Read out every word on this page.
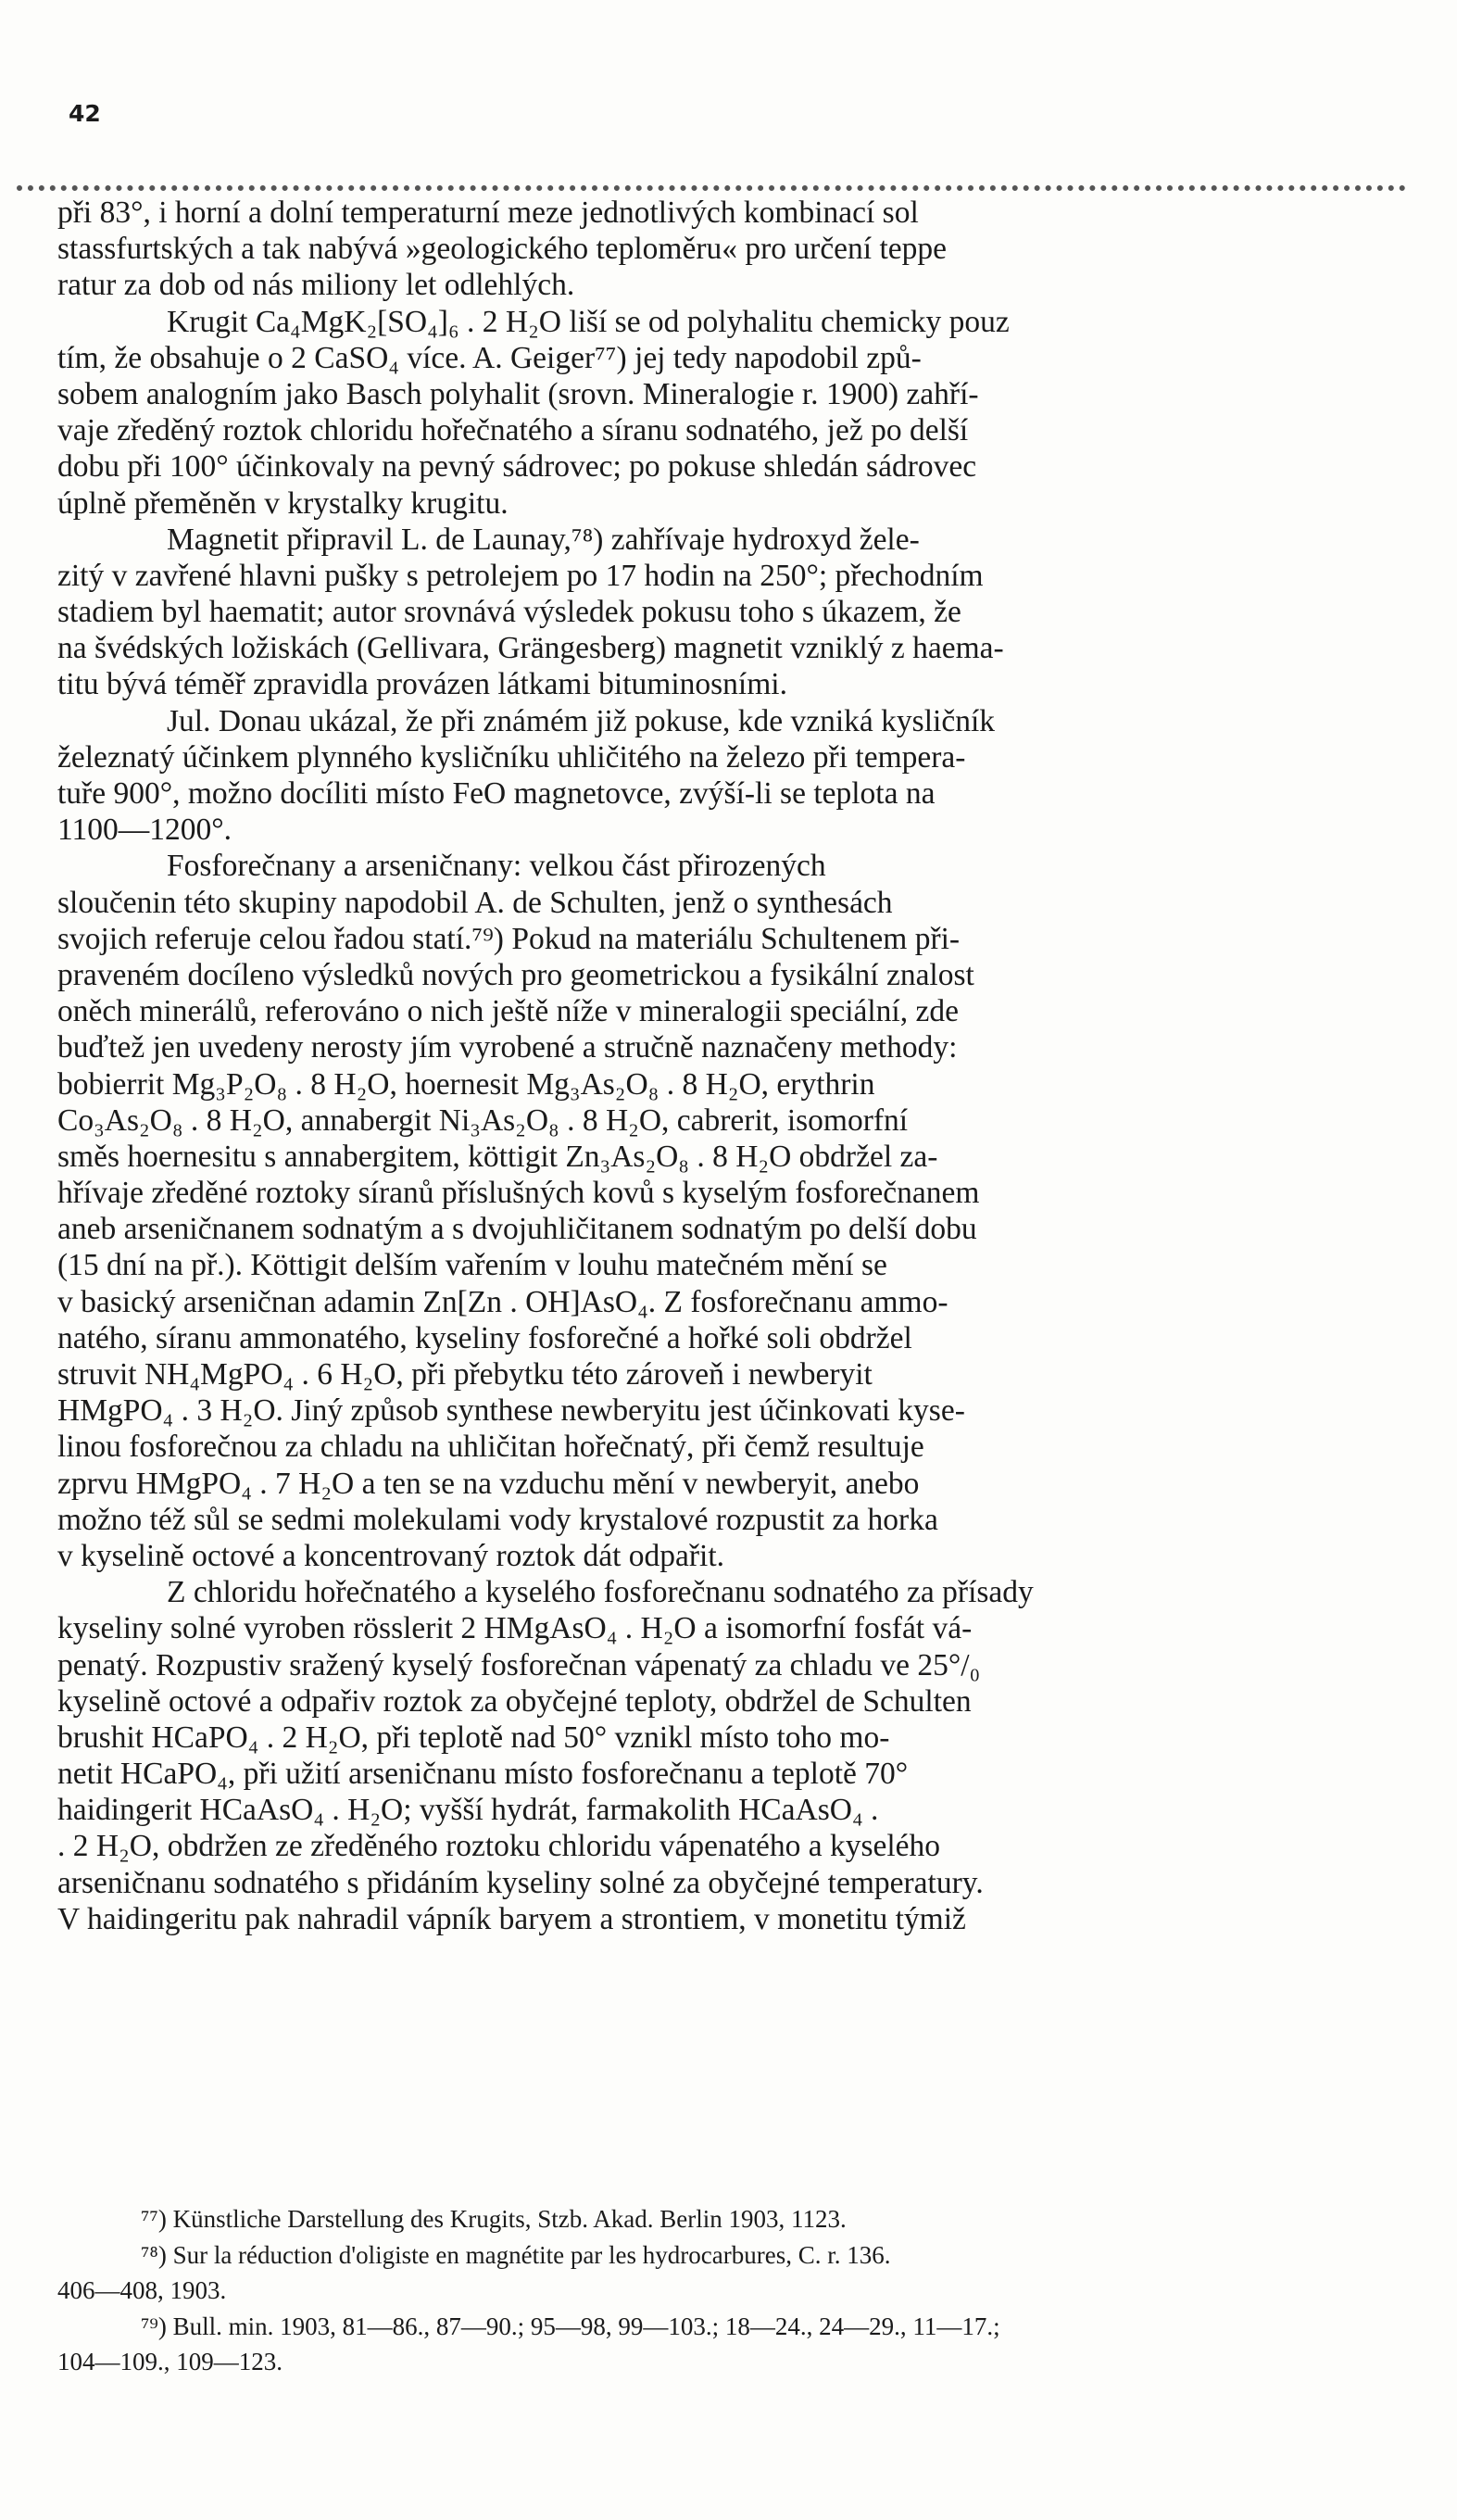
42
při 83°, i horní a dolní temperaturní meze jednotlivých kombinací sol
stassfurtských a tak nabývá »geologického teploměru« pro určení teppe
ratur za dob od nás miliony let odlehlých.
Krugit Ca₄MgK₂[SO₄]₆ . 2 H₂O liší se od polyhalitu chemicky pouz
tím, že obsahuje o 2 CaSO₄ více. A. Geiger⁷⁷) jej tedy napodobil způ-
sobem analogním jako Basch polyhalit (srovn. Mineralogie r. 1900) zahří-
vaje zředěný roztok chloridu hořečnatého a síranu sodnatého, jež po delší
dobu při 100° účinkovaly na pevný sádrovec; po pokuse shledán sádrovec
úplně přeměněn v krystalky krugitu.
Magnetit připravil L. de Launay,⁷⁸) zahřívaje hydroxyd žele-
zitý v zavřené hlavni pušky s petrolejem po 17 hodin na 250°; přechodním
stadiem byl haematit; autor srovnává výsledek pokusu toho s úkazem, že
na švédských ložiskách (Gellivara, Grängesberg) magnetit vzniklý z haema-
titu bývá téměř zpravidla provázen látkami bituminosními.
Jul. Donau ukázal, že při známém již pokuse, kde vzniká kysličník
železnatý účinkem plynného kysličníku uhličitého na železo při tempera-
tuře 900°, možno docíliti místo FeO magnetovce, zvýší-li se teplota na
1100—1200°.
Fosforečnany a arseničnany: velkou část přirozených
sloučenin této skupiny napodobil A. de Schulten, jenž o synthesách
svojich referuje celou řadou statí.⁷⁹) Pokud na materiálu Schultenem při-
praveném docíleno výsledků nových pro geometrickou a fysikální znalost
oněch minerálů, referováno o nich ještě níže v mineralogii speciální, zde
buďtež jen uvedeny nerosty jím vyrobené a stručně naznačeny methody:
bobierrit Mg₃P₂O₈ . 8 H₂O, hoernesit Mg₃As₂O₈ . 8 H₂O, erythrin
Co₃As₂O₈ . 8 H₂O, annabergit Ni₃As₂O₈ . 8 H₂O, cabrerit, isomorfní
směs hoernesitu s annabergitem, köttigit Zn₃As₂O₈ . 8 H₂O obdržel za-
hřívaje zředěné roztoky síranů příslušných kovů s kyselým fosforečnanem
aneb arseničnanem sodnatým a s dvojuhličitanem sodnatým po delší dobu
(15 dní na př.). Köttigit delším vařením v louhu matečném mění se
v basický arseničnan adamin Zn[Zn . OH]AsO₄. Z fosforečnanu ammo-
natého, síranu ammonatého, kyseliny fosforečné a hořké soli obdržel
struvit NH₄MgPO₄ . 6 H₂O, při přebytku této zároveň i newberyit
HMgPO₄ . 3 H₂O. Jiný způsob synthese newberyitu jest účinkovati kyse-
linou fosforečnou za chladu na uhličitan hořečnatý, při čemž resultuje
zprvu HMgPO₄ . 7 H₂O a ten se na vzduchu mění v newberyit, anebo
možno též sůl se sedmi molekulami vody krystalové rozpustit za horka
v kyselině octové a koncentrovaný roztok dát odpařit.
Z chloridu hořečnatého a kyselého fosforečnanu sodnatého za přísady
kyseliny solné vyroben rösslerit 2 HMgAsO₄ . H₂O a isomorfní fosfát vá-
penatý. Rozpustiv sražený kyselý fosforečnan vápenatý za chladu ve 25°/₀
kyselině octové a odpařiv roztok za obyčejné teploty, obdržel de Schulten
brushit HCaPO₄ . 2 H₂O, při teplotě nad 50° vznikl místo toho mo-
netit HCaPO₄, při užití arseničnanu místo fosforečnanu a teplotě 70°
haidingerit HCaAsO₄ . H₂O; vyšší hydrát, farmakolith HCaAsO₄ .
. 2 H₂O, obdržen ze zředěného roztoku chloridu vápenatého a kyselého
arseničnanu sodnatého s přidáním kyseliny solné za obyčejné temperatury.
V haidingeritu pak nahradil vápník baryem a strontiem, v monetitu týmiž
⁷⁷) Künstliche Darstellung des Krugits, Stzb. Akad. Berlin 1903, 1123.
⁷⁸) Sur la réduction d'oligiste en magnétite par les hydrocarbures, C. r. 136.
406—408, 1903.
⁷⁹) Bull. min. 1903, 81—86., 87—90.; 95—98, 99—103.; 18—24., 24—29., 11—17.;
104—109., 109—123.
